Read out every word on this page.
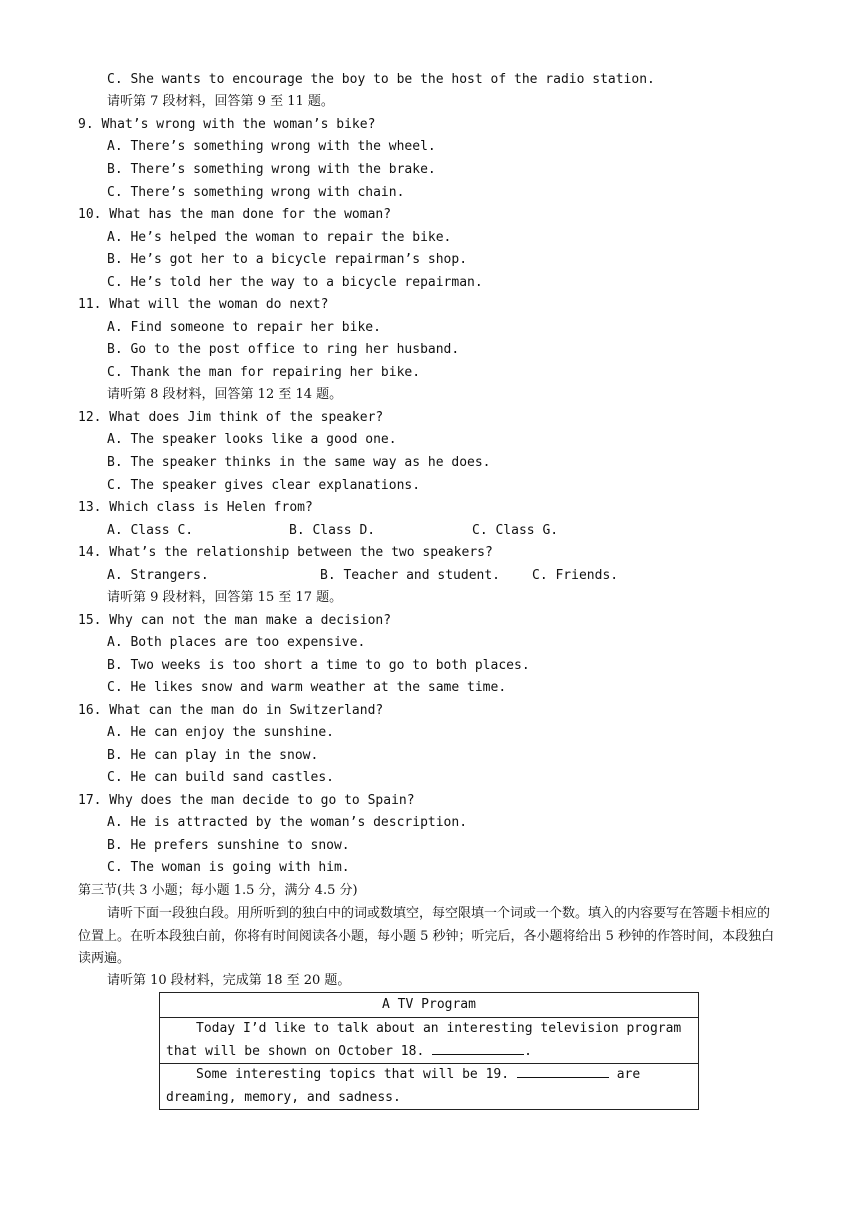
C. She wants to encourage the boy to be the host of the radio station.
请听第 7 段材料，回答第 9 至 11 题。
9. What’s wrong with the woman’s bike?
A. There’s something wrong with the wheel.
B. There’s something wrong with the brake.
C. There’s something wrong with chain.
10. What has the man done for the woman?
A. He’s helped the woman to repair the bike.
B. He’s got her to a bicycle repairman’s shop.
C. He’s told her the way to a bicycle repairman.
11. What will the woman do next?
A. Find someone to repair her bike.
B. Go to the post office to ring her husband.
C. Thank the man for repairing her bike.
请听第 8 段材料，回答第 12 至 14 题。
12. What does Jim think of the speaker?
A. The speaker looks like a good one.
B. The speaker thinks in the same way as he does.
C. The speaker gives clear explanations.
13. Which class is Helen from?

A. Class C.

	B. Class D.

	C. Class G.

14. What’s the relationship between the two speakers?

A. Strangers.

	B. Teacher and student.

C. Friends.

请听第 9 段材料，回答第 15 至 17 题。
15. Why can not the man make a decision?
A. Both places are too expensive.
B. Two weeks is too short a time to go to both places.
C. He likes snow and warm weather at the same time.
16. What can the man do in Switzerland?
A. He can enjoy the sunshine.
B. He can play in the snow.
C. He can build sand castles.
17. Why does the man decide to go to Spain?
A. He is attracted by the woman’s description.
B. He prefers sunshine to snow.
C. The woman is going with him.
第三节(共 3 小题；每小题 1.5 分，满分 4.5 分)
请听下面一段独白段。用所听到的独白中的词或数填空，每空限填一个词或一个数。填入的内容要写在答题卡相应的位置上。在听本段独白前，你将有时间阅读各小题，每小题 5 秒钟；听完后，各小题将给出 5 秒钟的作答时间，本段独白读两遍。
请听第 10 段材料，完成第 18 至 20 题。
A TV Program
Today I’d like to talk about an interesting television program that will be shown on October 18.	.
Some interesting topics that will be 19.	are dreaming, memory, and sadness.
